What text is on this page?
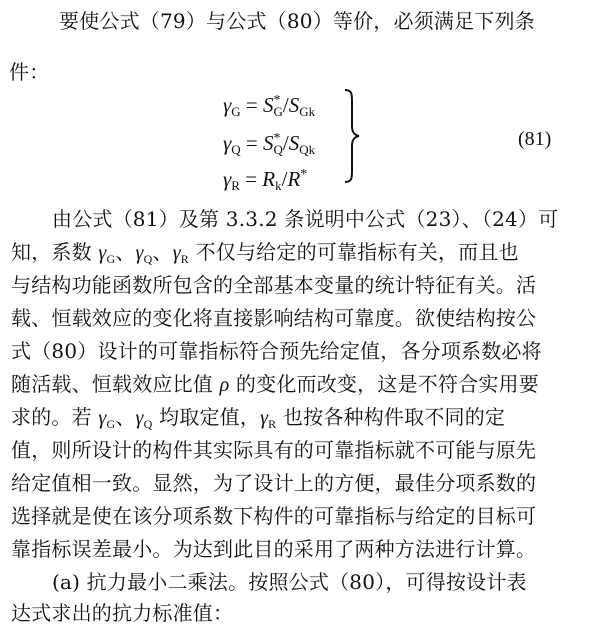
要使公式（79）与公式（80）等价，必须满足下列条
件：
$\gamma_G = S^*_G/S_{Gk}$
$\gamma_Q = S^*_Q/S_{Qk}$
$\gamma_R = R_k/R^*$
(81)
由公式（81）及第 3.3.2 条说明中公式（23）、（24）可
知，系数 $\gamma_G$、$\gamma_Q$、$\gamma_R$ 不仅与给定的可靠指标有关，而且也
与结构功能函数所包含的全部基本变量的统计特征有关。活
载、恒载效应的变化将直接影响结构可靠度。欲使结构按公
式（80）设计的可靠指标符合预先给定值，各分项系数必将
随活载、恒载效应比值 ρ 的变化而改变，这是不符合实用要
求的。若 $\gamma_G$、$\gamma_Q$ 均取定值，$\gamma_R$ 也按各种构件取不同的定
值，则所设计的构件其实际具有的可靠指标就不可能与原先
给定值相一致。显然，为了设计上的方便，最佳分项系数的
选择就是使在该分项系数下构件的可靠指标与给定的目标可
靠指标误差最小。为达到此目的采用了两种方法进行计算。
(a) 抗力最小二乘法。按照公式（80），可得按设计表
达式求出的抗力标准值：
